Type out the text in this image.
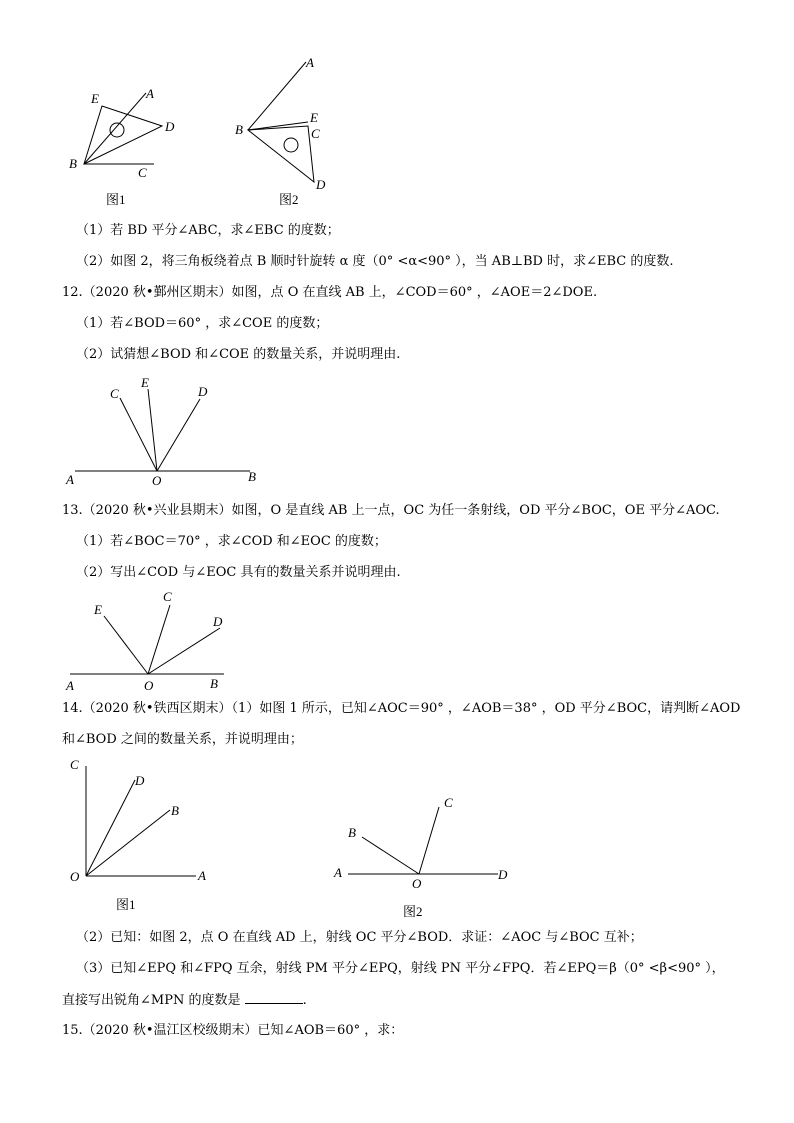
A
E
D
B
C
图1
A
E
C
B
D
图2
（1）若 BD 平分∠ABC，求∠EBC 的度数；
（2）如图 2，将三角板绕着点 B 顺时针旋转 α 度（0° <α<90° ），当 AB⊥BD 时，求∠EBC 的度数.
12.（2020 秋•鄞州区期末）如图，点 O 在直线 AB 上，∠COD＝60° ，∠AOE＝2∠DOE.
（1）若∠BOD＝60° ，求∠COE 的度数；
（2）试猜想∠BOD 和∠COE 的数量关系，并说明理由.
C
E
D
A	O	B
13.（2020 秋•兴业县期末）如图，O 是直线 AB 上一点，OC 为任一条射线，OD 平分∠BOC，OE 平分∠AOC.
（1）若∠BOC＝70° ，求∠COD 和∠EOC 的度数；
（2）写出∠COD 与∠EOC 具有的数量关系并说明理由.
E
C
D
A	O	B
14.（2020 秋•铁西区期末）（1）如图 1 所示，已知∠AOC＝90° ，∠AOB＝38° ，OD 平分∠BOC，请判断∠AOD
和∠BOD 之间的数量关系，并说明理由；
C
D
B
O	A
图1
C
B
A
O
D
图2
（2）已知：如图 2，点 O 在直线 AD 上，射线 OC 平分∠BOD．求证：∠AOC 与∠BOC 互补；
（3）已知∠EPQ 和∠FPQ 互余，射线 PM 平分∠EPQ，射线 PN 平分∠FPQ．若∠EPQ＝β（0° <β<90° ），
直接写出锐角∠MPN 的度数是	.
15.（2020 秋•温江区校级期末）已知∠AOB＝60° ，求：
